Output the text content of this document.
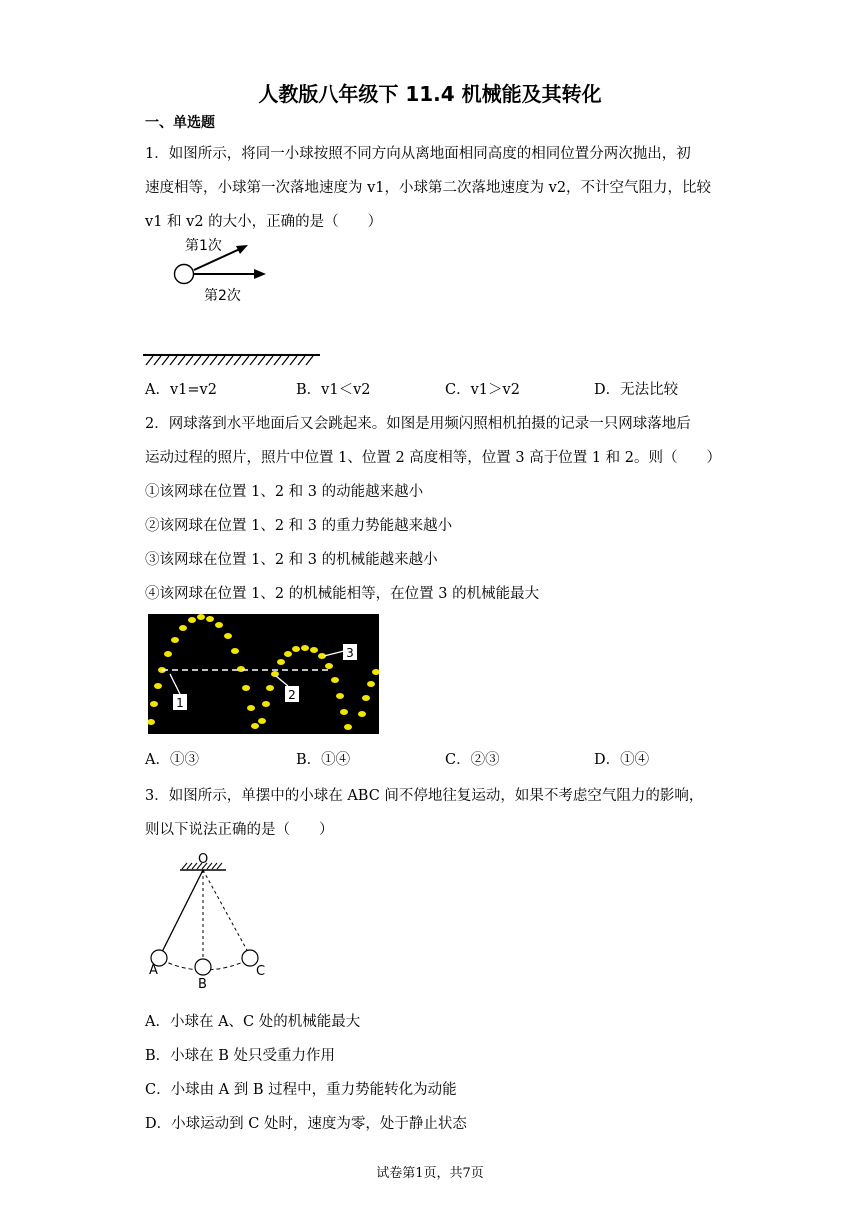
人教版八年级下 11.4 机械能及其转化
一、单选题
1．如图所示，将同一小球按照不同方向从离地面相同高度的相同位置分两次抛出，初
速度相等，小球第一次落地速度为 v1，小球第二次落地速度为 v2，不计空气阻力，比较
v1 和 v2 的大小，正确的是（　　）
第1次
第2次
A．v1=v2	B．v1＜v2	C．v1＞v2	D．无法比较
2．网球落到水平地面后又会跳起来。如图是用频闪照相机拍摄的记录一只网球落地后
运动过程的照片，照片中位置 1、位置 2 高度相等，位置 3 高于位置 1 和 2。则（　　）
①该网球在位置 1、2 和 3 的动能越来越小
②该网球在位置 1、2 和 3 的重力势能越来越小
③该网球在位置 1、2 和 3 的机械能越来越小
④该网球在位置 1、2 的机械能相等，在位置 3 的机械能最大
1
2
3
A．①③	B．①④	C．②③	D．①④
3．如图所示，单摆中的小球在 ABC 间不停地往复运动，如果不考虑空气阻力的影响，
则以下说法正确的是（　　）
O
A
B
C
A．小球在 A、C 处的机械能最大
B．小球在 B 处只受重力作用
C．小球由 A 到 B 过程中，重力势能转化为动能
D．小球运动到 C 处时，速度为零，处于静止状态
试卷第1页，共7页
